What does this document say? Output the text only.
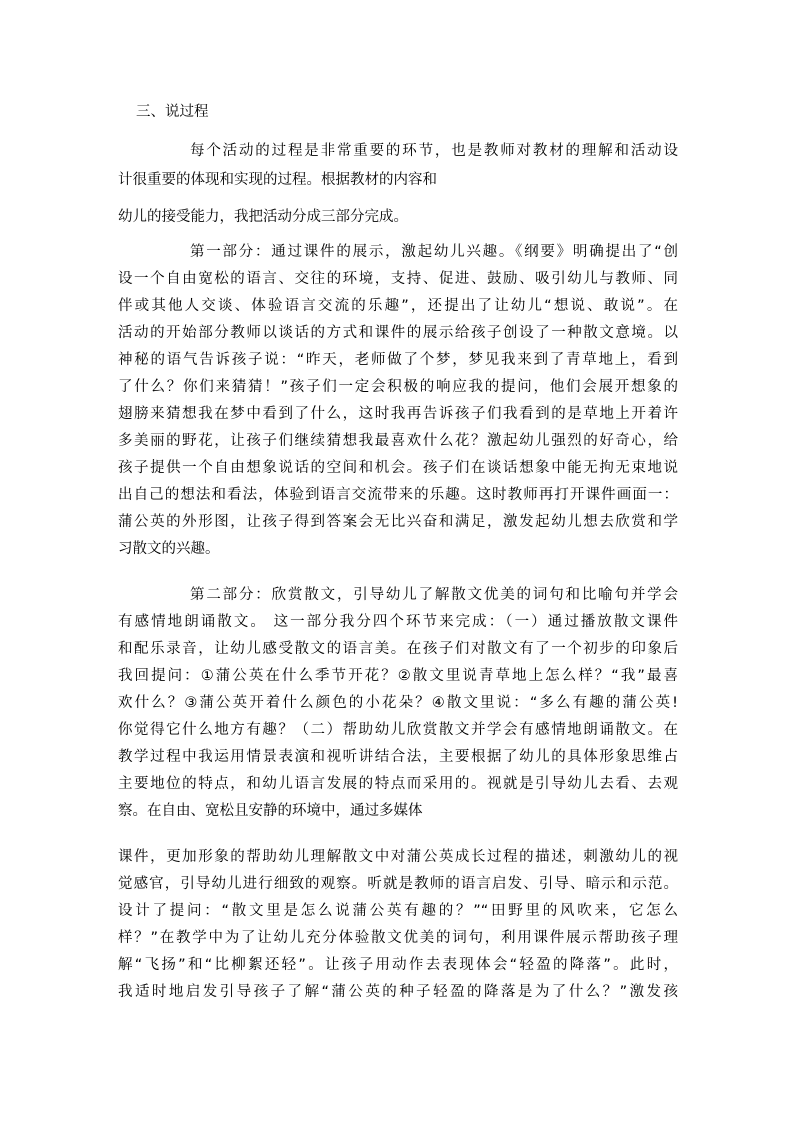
三、说过程
每个活动的过程是非常重要的环节，也是教师对教材的理解和活动设
计很重要的体现和实现的过程。根据教材的内容和
幼儿的接受能力，我把活动分成三部分完成。
第一部分：通过课件的展示，激起幼儿兴趣。《纲要》明确提出了“创
设一个自由宽松的语言、交往的环境，支持、促进、鼓励、吸引幼儿与教师、同
伴或其他人交谈、体验语言交流的乐趣”，还提出了让幼儿“想说、敢说”。在
活动的开始部分教师以谈话的方式和课件的展示给孩子创设了一种散文意境。以
神秘的语气告诉孩子说：“昨天，老师做了个梦，梦见我来到了青草地上，看到
了什么？你们来猜猜！”孩子们一定会积极的响应我的提问，他们会展开想象的
翅膀来猜想我在梦中看到了什么，这时我再告诉孩子们我看到的是草地上开着许
多美丽的野花，让孩子们继续猜想我最喜欢什么花？激起幼儿强烈的好奇心，给
孩子提供一个自由想象说话的空间和机会。孩子们在谈话想象中能无拘无束地说
出自己的想法和看法，体验到语言交流带来的乐趣。这时教师再打开课件画面一：
蒲公英的外形图，让孩子得到答案会无比兴奋和满足，激发起幼儿想去欣赏和学
习散文的兴趣。
第二部分：欣赏散文，引导幼儿了解散文优美的词句和比喻句并学会
有感情地朗诵散文。 这一部分我分四个环节来完成：（一）通过播放散文课件
和配乐录音，让幼儿感受散文的语言美。在孩子们对散文有了一个初步的印象后
我回提问：①蒲公英在什么季节开花？②散文里说青草地上怎么样？“我”最喜
欢什么？③蒲公英开着什么颜色的小花朵？④散文里说：“多么有趣的蒲公英!
你觉得它什么地方有趣？（二）帮助幼儿欣赏散文并学会有感情地朗诵散文。在
教学过程中我运用情景表演和视听讲结合法，主要根据了幼儿的具体形象思维占
主要地位的特点，和幼儿语言发展的特点而采用的。视就是引导幼儿去看、去观
察。在自由、宽松且安静的环境中，通过多媒体
课件，更加形象的帮助幼儿理解散文中对蒲公英成长过程的描述，刺激幼儿的视
觉感官，引导幼儿进行细致的观察。听就是教师的语言启发、引导、暗示和示范。
设计了提问：“散文里是怎么说蒲公英有趣的？”“田野里的风吹来，它怎么
样？”在教学中为了让幼儿充分体验散文优美的词句，利用课件展示帮助孩子理
解“飞扬”和“比柳絮还轻”。让孩子用动作去表现体会“轻盈的降落”。此时，
我适时地启发引导孩子了解“蒲公英的种子轻盈的降落是为了什么？”激发孩
